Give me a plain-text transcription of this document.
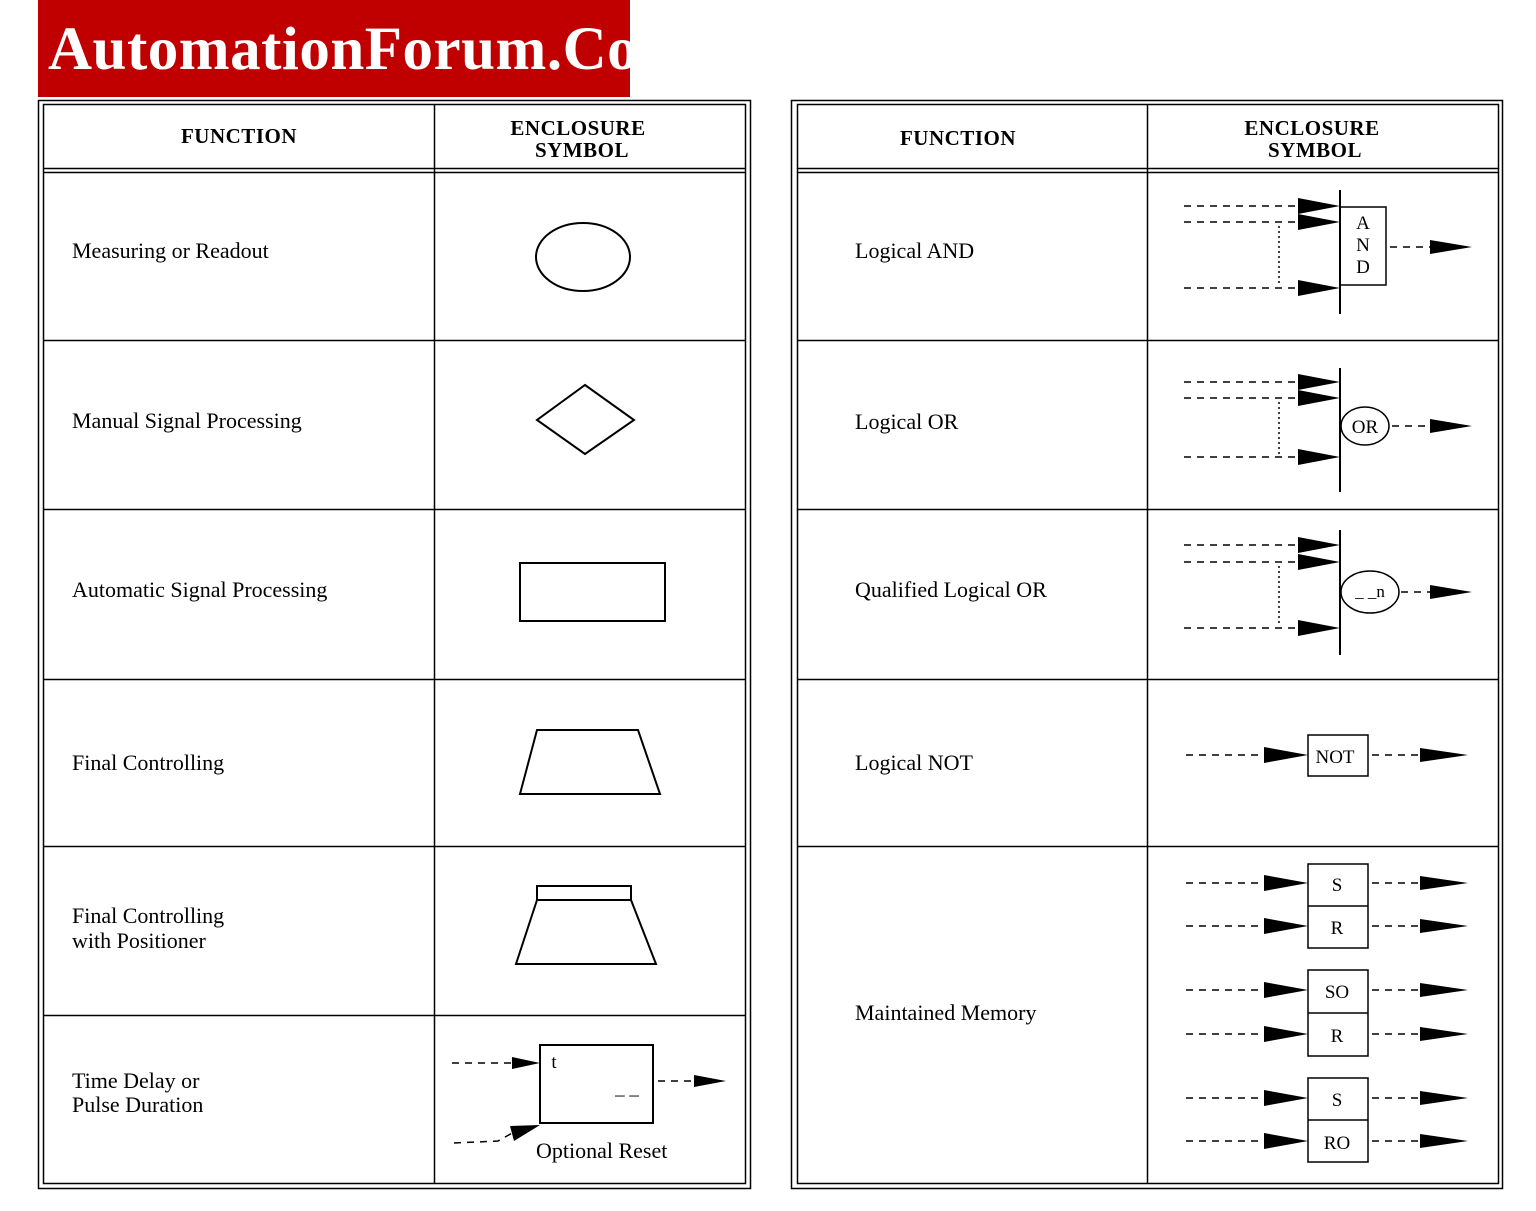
AutomationForum.Co
t
_ _
A
N
D
OR
_ _n
NOT
S
R
SO
R
S
RO
FUNCTION	ENCLOSURE
SYMBOL
Measuring or Readout
Manual Signal Processing
Automatic Signal Processing
Final Controlling
Final Controlling
with Positioner
Time Delay or
Pulse Duration
Optional Reset
FUNCTION	ENCLOSURE
SYMBOL
Logical AND
Logical OR
Qualified Logical OR
Logical NOT
Maintained Memory
